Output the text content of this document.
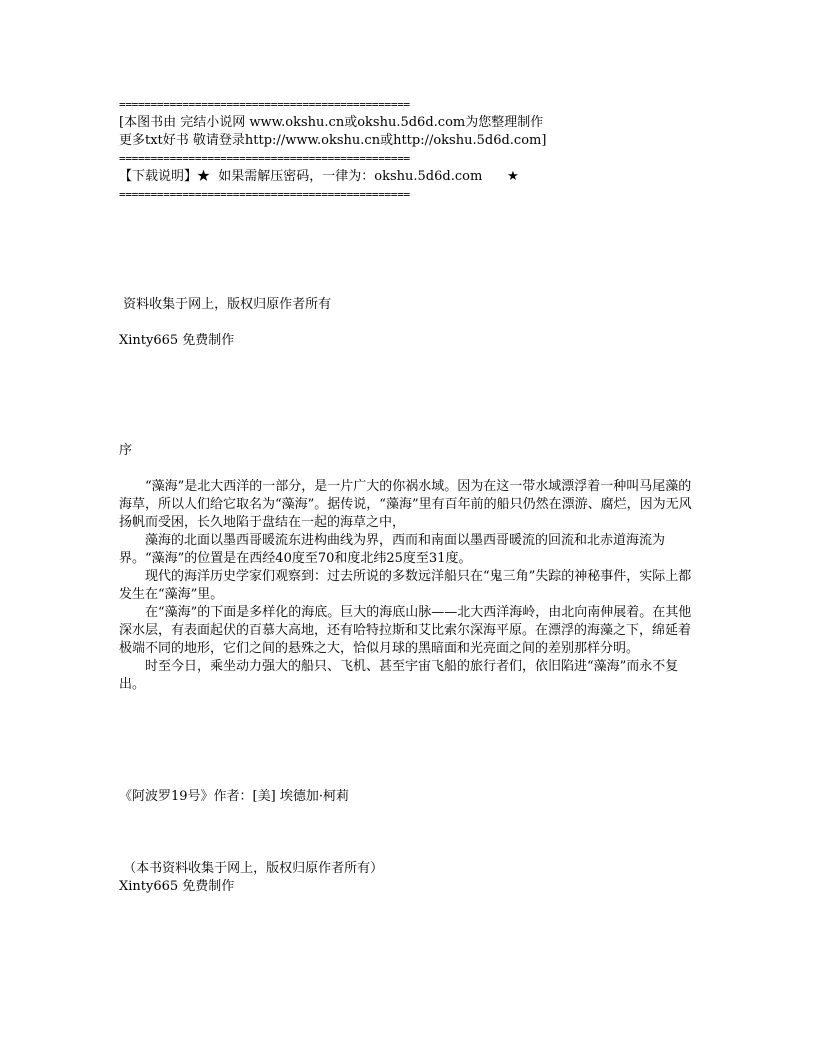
==============================================
[本图书由 完结小说网 www.okshu.cn或okshu.5d6d.com为您整理制作
更多txt好书 敬请登录http://www.okshu.cn或http://okshu.5d6d.com]
==============================================
【下载说明】★  如果需解压密码，一律为：okshu.5d6d.com      ★
==============================================
资料收集于网上，版权归原作者所有
Xinty665 免费制作
序

“藻海”是北大西洋的一部分，是一片广大的你祸水域。因为在这一带水域漂浮着一种叫马尾藻的海草，所以人们给它取名为“藻海”。据传说，“藻海”里有百年前的船只仍然在漂游、腐烂，因为无风扬帆而受困，长久地陷于盘结在一起的海草之中，

藻海的北面以墨西哥暖流东进构曲线为界，西而和南面以墨西哥暖流的回流和北赤道海流为界。“藻海”的位置是在西经40度至70和度北纬25度至31度。

现代的海洋历史学家们观察到：过去所说的多数远洋船只在“鬼三角”失踪的神秘事件，实际上都发生在“藻海”里。

在“藻海”的下面是多样化的海底。巨大的海底山脉——北大西洋海岭，由北向南伸展着。在其他深水层，有表面起伏的百慕大高地，还有哈特拉斯和艾比索尔深海平原。在漂浮的海藻之下，绵延着极端不同的地形，它们之间的悬殊之大，恰似月球的黑暗面和光亮面之间的差别那样分明。

时至今日，乘坐动力强大的船只、飞机、甚至宇宙飞船的旅行者们，依旧陷进“藻海”而永不复出。

《阿波罗19号》作者：[美] 埃德加·柯莉
（本书资料收集于网上，版权归原作者所有）
Xinty665 免费制作
